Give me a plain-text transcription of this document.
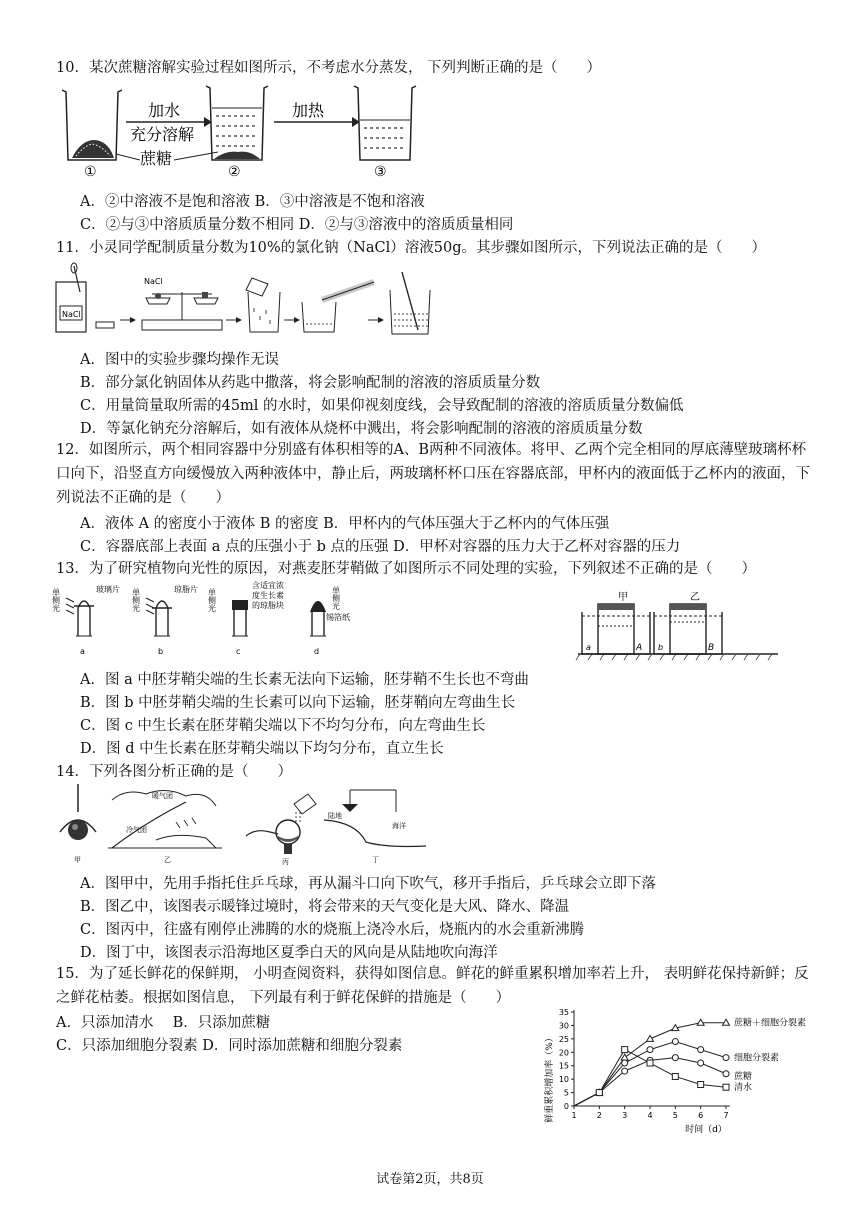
10．某次蔗糖溶解实验过程如图所示，不考虑水分蒸发， 下列判断正确的是（　　）
①
加水
充分溶解
蔗糖
②
加热
③
A．②中溶液不是饱和溶液 B．③中溶液是不饱和溶液
C．②与③中溶质质量分数不相同 D．②与③溶液中的溶质质量相同
11．小灵同学配制质量分数为10%的氯化钠（NaCl）溶液50g。其步骤如图所示，下列说法正确的是（　　）
NaCl
NaCl
A．图中的实验步骤均操作无误
B．部分氯化钠固体从药匙中撒落，将会影响配制的溶液的溶质质量分数
C．用量筒量取所需的45ml 的水时，如果仰视刻度线，会导致配制的溶液的溶质质量分数偏低
D．等氯化钠充分溶解后，如有液体从烧杯中溅出，将会影响配制的溶液的溶质质量分数
12．如图所示，两个相同容器中分别盛有体积相等的A、B两种不同液体。将甲、乙两个完全相同的厚底薄壁玻璃杯杯口向下，沿竖直方向缓慢放入两种液体中，静止后，两玻璃杯杯口压在容器底部，甲杯内的液面低于乙杯内的液面，下列说法不正确的是（　　）
A．液体 A 的密度小于液体 B 的密度 B．甲杯内的气体压强大于乙杯内的气体压强
C．容器底部上表面 a 点的压强小于 b 点的压强 D．甲杯对容器的压力大于乙杯对容器的压力
13．为了研究植物向光性的原因，对燕麦胚芽鞘做了如图所示不同处理的实验，下列叙述不正确的是（　　）
单侧光	玻璃片
a
单侧光	琼脂片
b
单侧光
含适宜浓
度生长素
的琼脂块
c
单侧光
锡箔纸
d
甲
a	A
乙
b	B
A．图 a 中胚芽鞘尖端的生长素无法向下运输，胚芽鞘不生长也不弯曲
B．图 b 中胚芽鞘尖端的生长素可以向下运输，胚芽鞘向左弯曲生长
C．图 c 中生长素在胚芽鞘尖端以下不均匀分布，向左弯曲生长
D．图 d 中生长素在胚芽鞘尖端以下均匀分布，直立生长
14．下列各图分析正确的是（　　）
甲
暖气团
冷气团
乙	丙
陆地
海洋
丁
A．图甲中，先用手指托住乒乓球，再从漏斗口向下吹气，移开手指后，乒乓球会立即下落
B．图乙中，该图表示暖锋过境时，将会带来的天气变化是大风、降水、降温
C．图丙中，往盛有刚停止沸腾的水的烧瓶上浇冷水后，烧瓶内的水会重新沸腾
D．图丁中，该图表示沿海地区夏季白天的风向是从陆地吹向海洋
15．为了延长鲜花的保鲜期， 小明查阅资料，获得如图信息。鲜花的鲜重累积增加率若上升， 表明鲜花保持新鲜；反之鲜花枯萎。根据如图信息， 下列最有利于鲜花保鲜的措施是（　　）
A．只添加清水　 B．只添加蔗糖
C．只添加细胞分裂素 D．同时添加蔗糖和细胞分裂素
0
5
10
15
20
25
30
35
1	2	3	4	5	6	7
蔗糖＋细胞分裂素
细胞分裂素
蔗糖
清水
鲜重累积增加率（%）
时间（d）
试卷第2页，共8页
